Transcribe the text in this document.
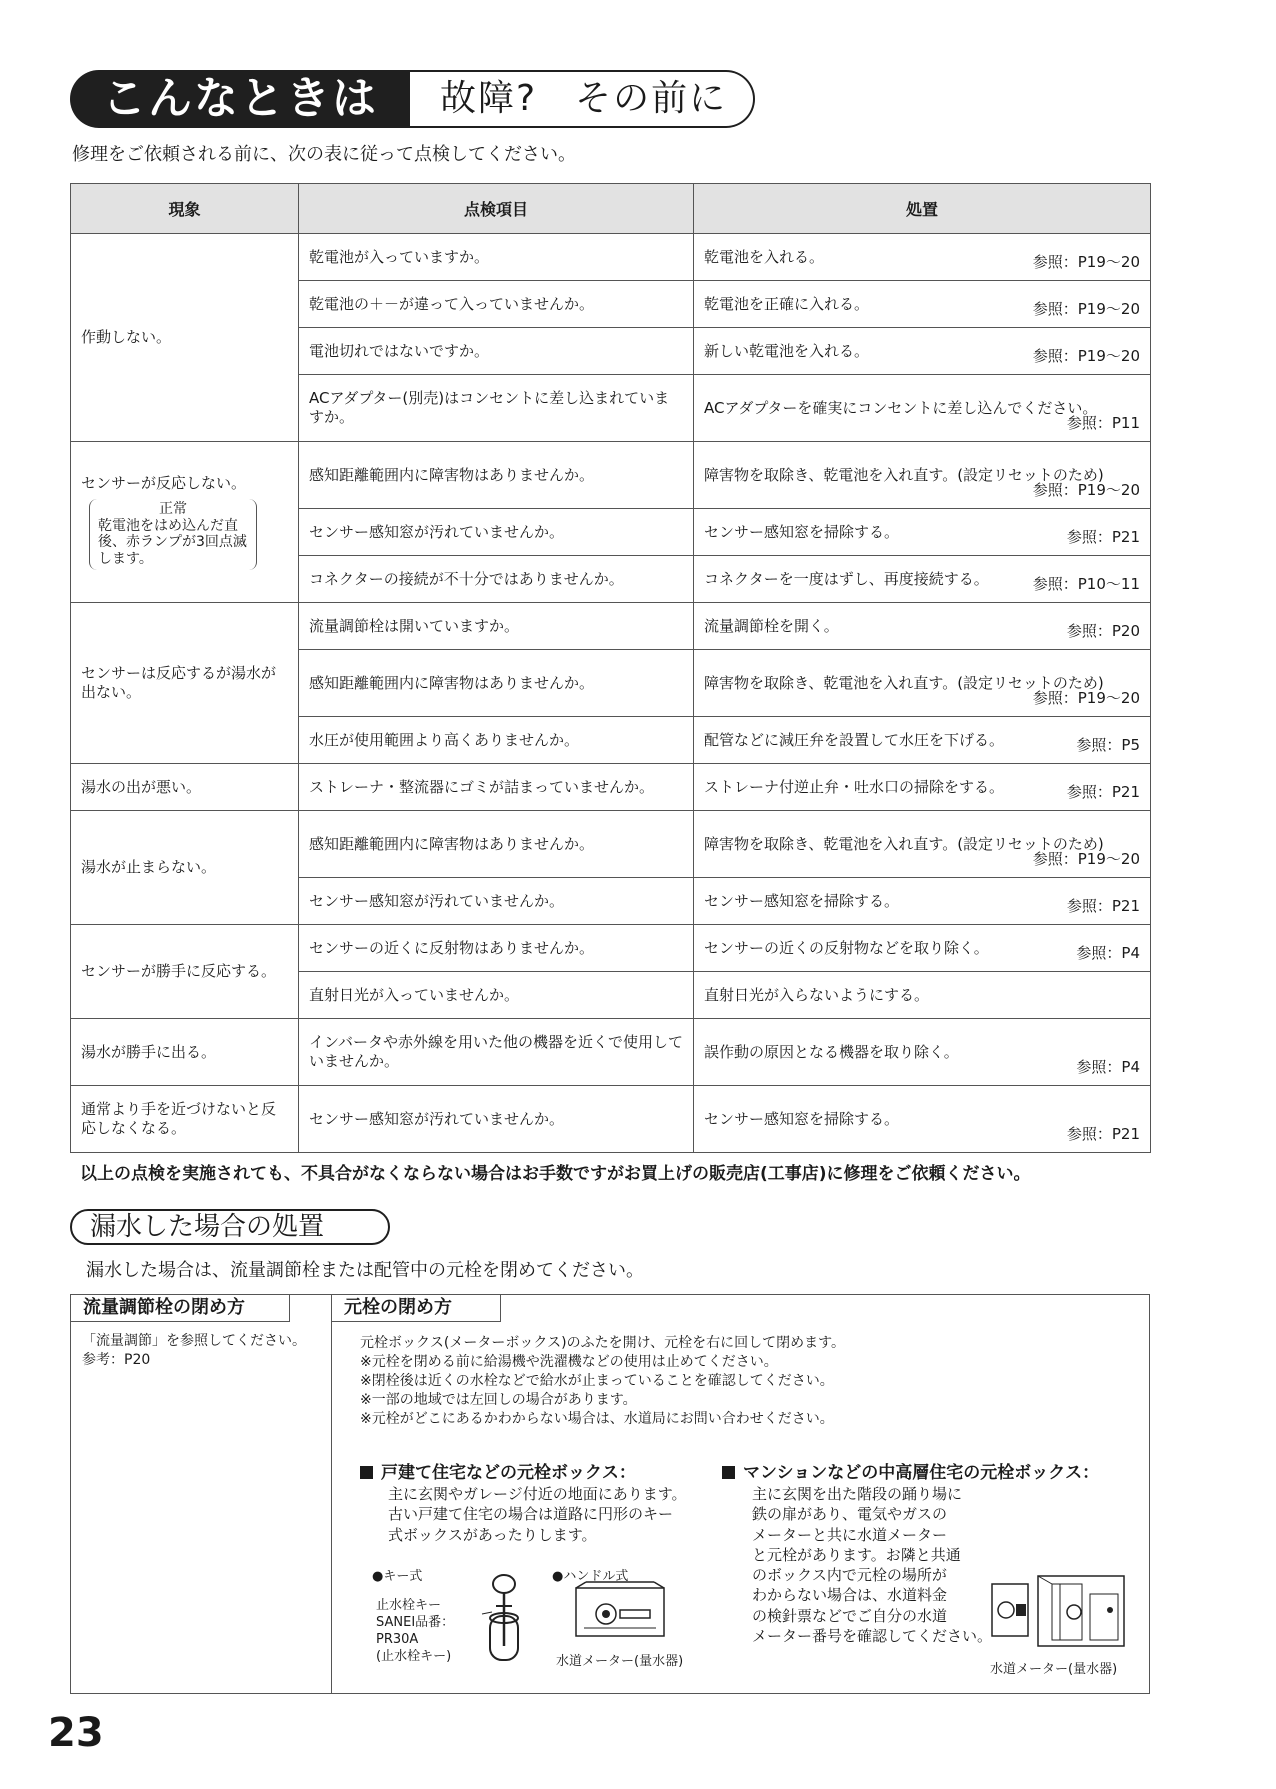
こんなときは	故障?　その前に
修理をご依頼される前に、次の表に従って点検してください。
現象	点検項目	処置
作動しない。	乾電池が入っていますか。	乾電池を入れる。 参照：P19～20

	乾電池の＋－が違って入っていませんか。	乾電池を正確に入れる。 参照：P19～20

	電池切れではないですか。	新しい乾電池を入れる。 参照：P19～20

	ACアダプター(別売)はコンセントに差し込まれていますか。	ACアダプターを確実にコンセントに差し込んでください。
参照：P11

センサーが反応しない。
正常
乾電池をはめ込んだ直後、赤ランプが3回点滅します。	感知距離範囲内に障害物はありませんか。	障害物を取除き、乾電池を入れ直す。(設定リセットのため)
参照：P19～20

	センサー感知窓が汚れていませんか。	センサー感知窓を掃除する。 参照：P21

	コネクターの接続が不十分ではありませんか。	コネクターを一度はずし、再度接続する。 参照：P10～11

センサーは反応するが湯水が出ない。	流量調節栓は開いていますか。	流量調節栓を開く。 参照：P20

	感知距離範囲内に障害物はありませんか。	障害物を取除き、乾電池を入れ直す。(設定リセットのため)
参照：P19～20

	水圧が使用範囲より高くありませんか。	配管などに減圧弁を設置して水圧を下げる。 参照：P5

湯水の出が悪い。	ストレーナ・整流器にゴミが詰まっていませんか。	ストレーナ付逆止弁・吐水口の掃除をする。 参照：P21

湯水が止まらない。	感知距離範囲内に障害物はありませんか。	障害物を取除き、乾電池を入れ直す。(設定リセットのため)
参照：P19～20

	センサー感知窓が汚れていませんか。	センサー感知窓を掃除する。 参照：P21

センサーが勝手に反応する。	センサーの近くに反射物はありませんか。	センサーの近くの反射物などを取り除く。 参照：P4

	直射日光が入っていませんか。	直射日光が入らないようにする。
湯水が勝手に出る。	インバータや赤外線を用いた他の機器を近くで使用していませんか。	誤作動の原因となる機器を取り除く。
参照：P4

通常より手を近づけないと反応しなくなる。	センサー感知窓が汚れていませんか。	センサー感知窓を掃除する。
参照：P21
以上の点検を実施されても、不具合がなくならない場合はお手数ですがお買上げの販売店(工事店)に修理をご依頼ください。
漏水した場合の処置
漏水した場合は、流量調節栓または配管中の元栓を閉めてください。
流量調節栓の閉め方
「流量調節」を参照してください。
参考：P20
元栓の閉め方
元栓ボックス(メーターボックス)のふたを開け、元栓を右に回して閉めます。
※元栓を閉める前に給湯機や洗濯機などの使用は止めてください。
※閉栓後は近くの水栓などで給水が止まっていることを確認してください。
※一部の地域では左回しの場合があります。
※元栓がどこにあるかわからない場合は、水道局にお問い合わせください。
戸建て住宅などの元栓ボックス：
主に玄関やガレージ付近の地面にあります。
古い戸建て住宅の場合は道路に円形のキー
式ボックスがあったりします。
●キー式	●ハンドル式
止水栓キー
SANEI品番：
PR30A
(止水栓キー)	水道メーター(量水器)
マンションなどの中高層住宅の元栓ボックス：
主に玄関を出た階段の踊り場に
鉄の扉があり、電気やガスの
メーターと共に水道メーター
と元栓があります。お隣と共通
のボックス内で元栓の場所が
わからない場合は、水道料金
の検針票などでご自分の水道
メーター番号を確認してください。
水道メーター(量水器)
23
